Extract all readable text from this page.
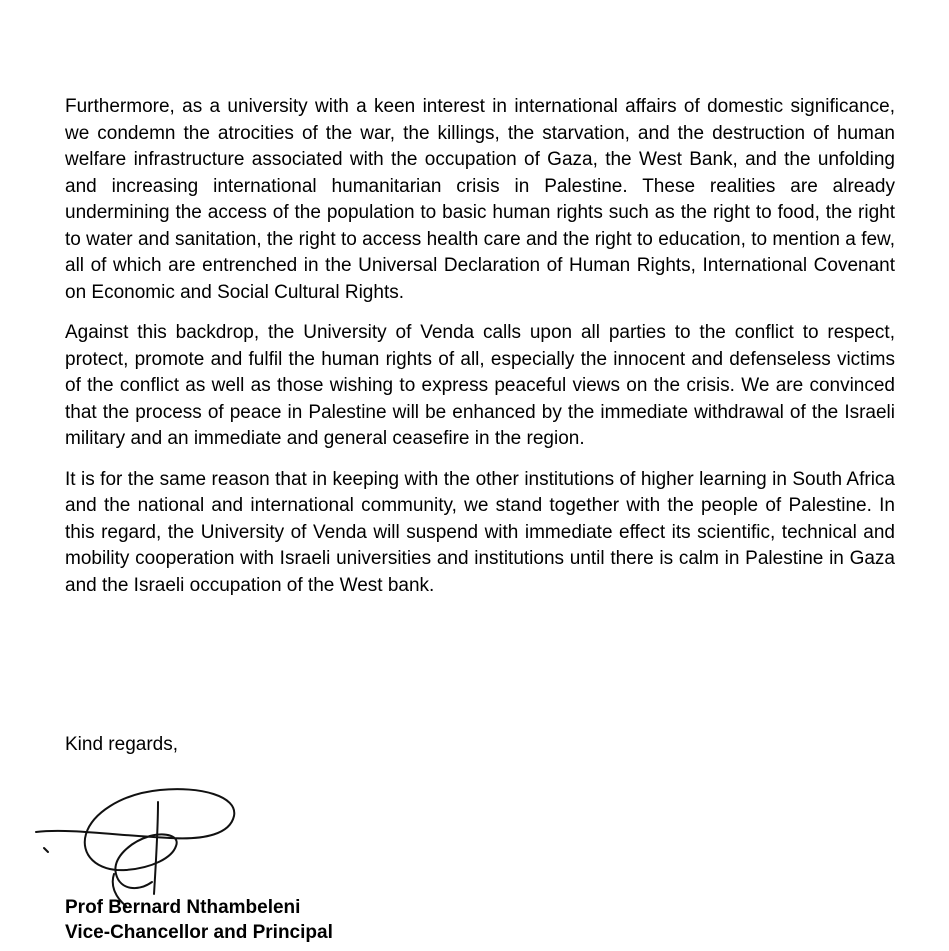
Furthermore, as a university with a keen interest in international affairs of domestic significance, we condemn the atrocities of the war, the killings, the starvation, and the destruction of human welfare infrastructure associated with the occupation of Gaza, the West Bank, and the unfolding and increasing international humanitarian crisis in Palestine. These realities are already undermining the access of the population to basic human rights such as the right to food, the right to water and sanitation, the right to access health care and the right to education, to mention a few, all of which are entrenched in the Universal Declaration of Human Rights, International Covenant on Economic and Social Cultural Rights.

Against this backdrop, the University of Venda calls upon all parties to the conflict to respect, protect, promote and fulfil the human rights of all, especially the innocent and defenseless victims of the conflict as well as those wishing to express peaceful views on the crisis. We are convinced that the process of peace in Palestine will be enhanced by the immediate withdrawal of the Israeli military and an immediate and general ceasefire in the region.

It is for the same reason that in keeping with the other institutions of higher learning in South Africa and the national and international community, we stand together with the people of Palestine. In this regard, the University of Venda will suspend with immediate effect its scientific, technical and mobility cooperation with Israeli universities and institutions until there is calm in Palestine in Gaza and the Israeli occupation of the West bank.

Kind regards,

Prof Bernard Nthambeleni
Vice-Chancellor and Principal
